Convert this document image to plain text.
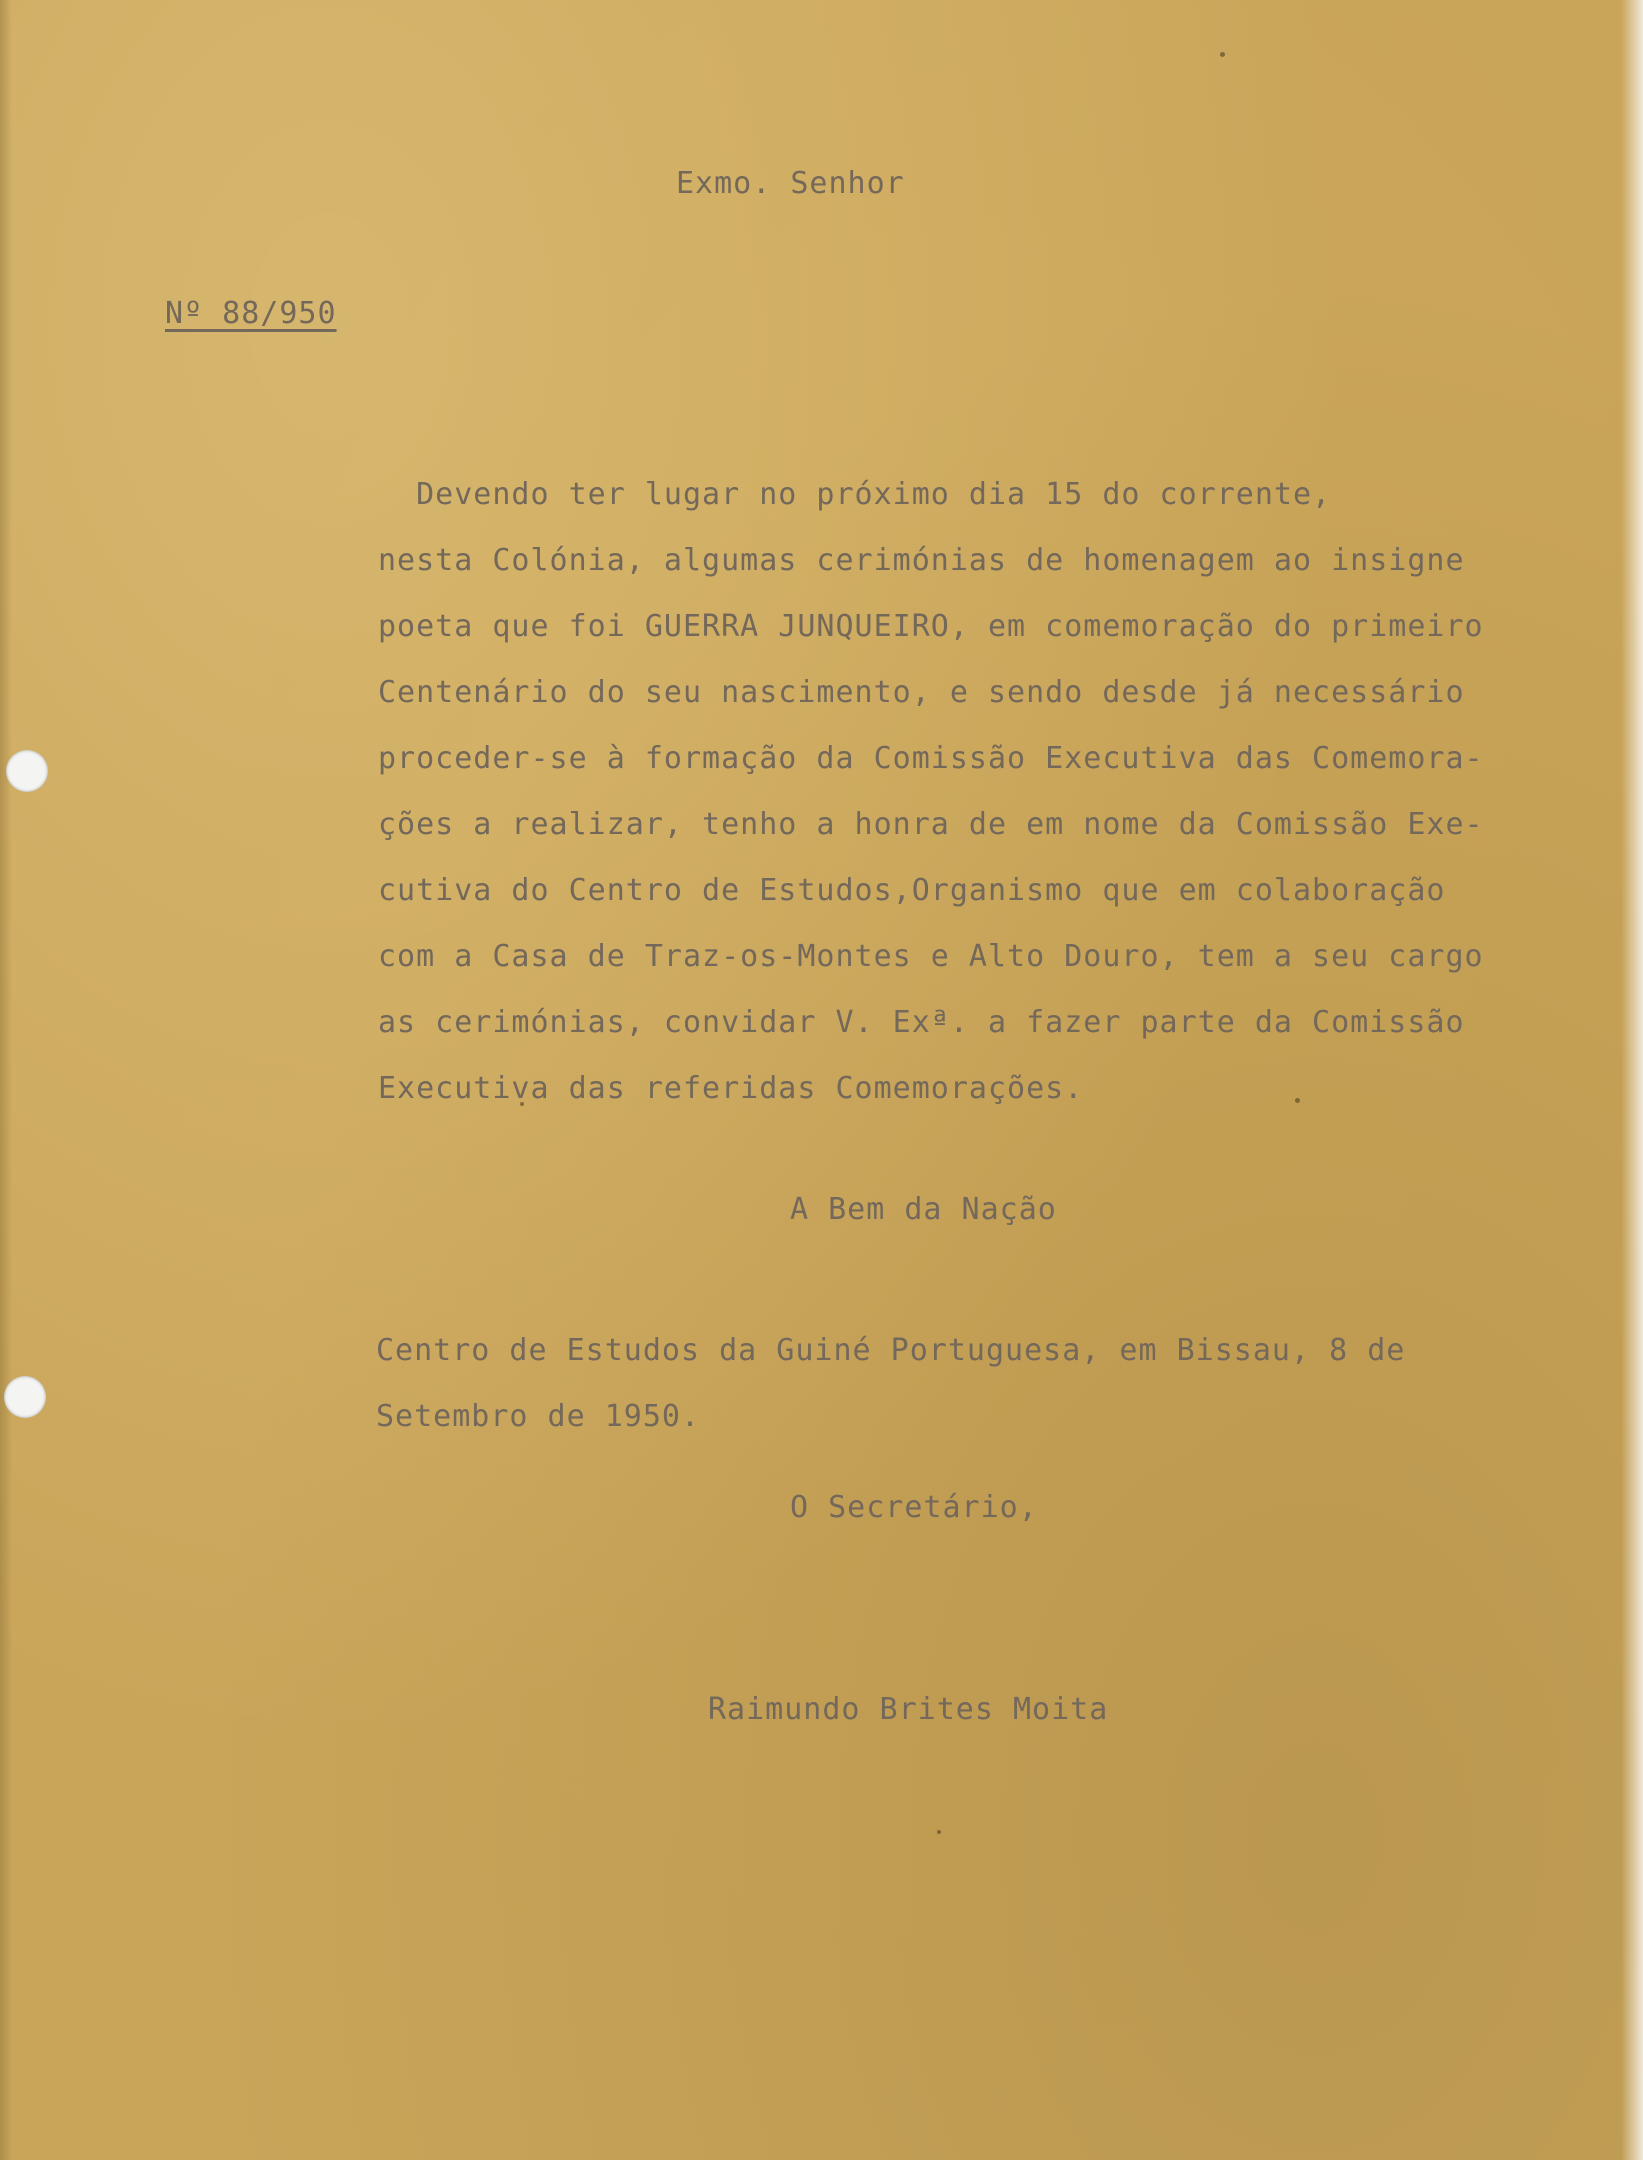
Exmo. Senhor
Nº 88/950
Devendo ter lugar no próximo dia 15 do corrente,
nesta Colónia, algumas cerimónias de homenagem ao insigne
poeta que foi GUERRA JUNQUEIRO, em comemoração do primeiro
Centenário do seu nascimento, e sendo desde já necessário
proceder-se à formação da Comissão Executiva das Comemora-
ções a realizar, tenho a honra de em nome da Comissão Exe-
cutiva do Centro de Estudos,Organismo que em colaboração
com a Casa de Traz-os-Montes e Alto Douro, tem a seu cargo
as cerimónias, convidar V. Exª. a fazer parte da Comissão
Executiva das referidas Comemorações.
A Bem da Nação
Centro de Estudos da Guiné Portuguesa, em Bissau, 8 de
Setembro de 1950.
O Secretário,
Raimundo Brites Moita
